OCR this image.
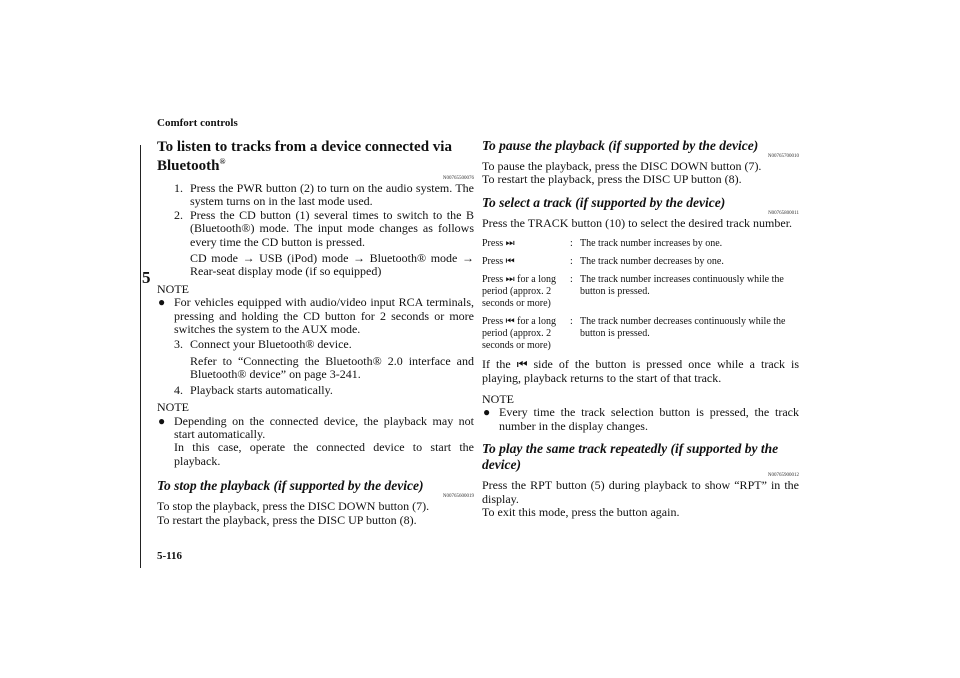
Comfort controls
5
5-116

To listen to tracks from a device connected via Bluetooth®

N00765500076
1. Press the PWR button (2) to turn on the audio system. The system turns on in the last mode used.
2. Press the CD button (1) several times to switch to the B (Bluetooth®) mode. The input mode changes as follows every time the CD button is pressed.

CD mode → USB (iPod) mode → Bluetooth® mode → Rear-seat display mode (if so equipped)

NOTE

● For vehicles equipped with audio/video input RCA terminals, pressing and holding the CD button for 2 seconds or more switches the system to the AUX mode.
3. Connect your Bluetooth® device.

Refer to “Connecting the Bluetooth® 2.0 interface and Bluetooth® device” on page 3-241.

4. Playback starts automatically.

NOTE

● Depending on the connected device, the playback may not start automatically.
In this case, operate the connected device to start the playback.

To stop the playback (if supported by the device)

N00765600019

To stop the playback, press the DISC DOWN button (7).

To restart the playback, press the DISC UP button (8).

To pause the playback (if supported by the device)

N00765700010

To pause the playback, press the DISC DOWN button (7).

To restart the playback, press the DISC UP button (8).

To select a track (if supported by the device)

N00765800011

Press the TRACK button (10) to select the desired track number.

Press ⏭	:	The track number increases by one.
Press ⏮	:	The track number decreases by one.
Press ⏭ for a long period (approx. 2 seconds or more)	:	The track number increases continuously while the button is pressed.
Press ⏮ for a long period (approx. 2 seconds or more)	:	The track number decreases continuously while the button is pressed.

If the ⏮ side of the button is pressed once while a track is playing, playback returns to the start of that track.

NOTE

● Every time the track selection button is pressed, the track number in the display changes.

To play the same track repeatedly (if supported by the device)

N00765900012

Press the RPT button (5) during playback to show “RPT” in the display.

To exit this mode, press the button again.
